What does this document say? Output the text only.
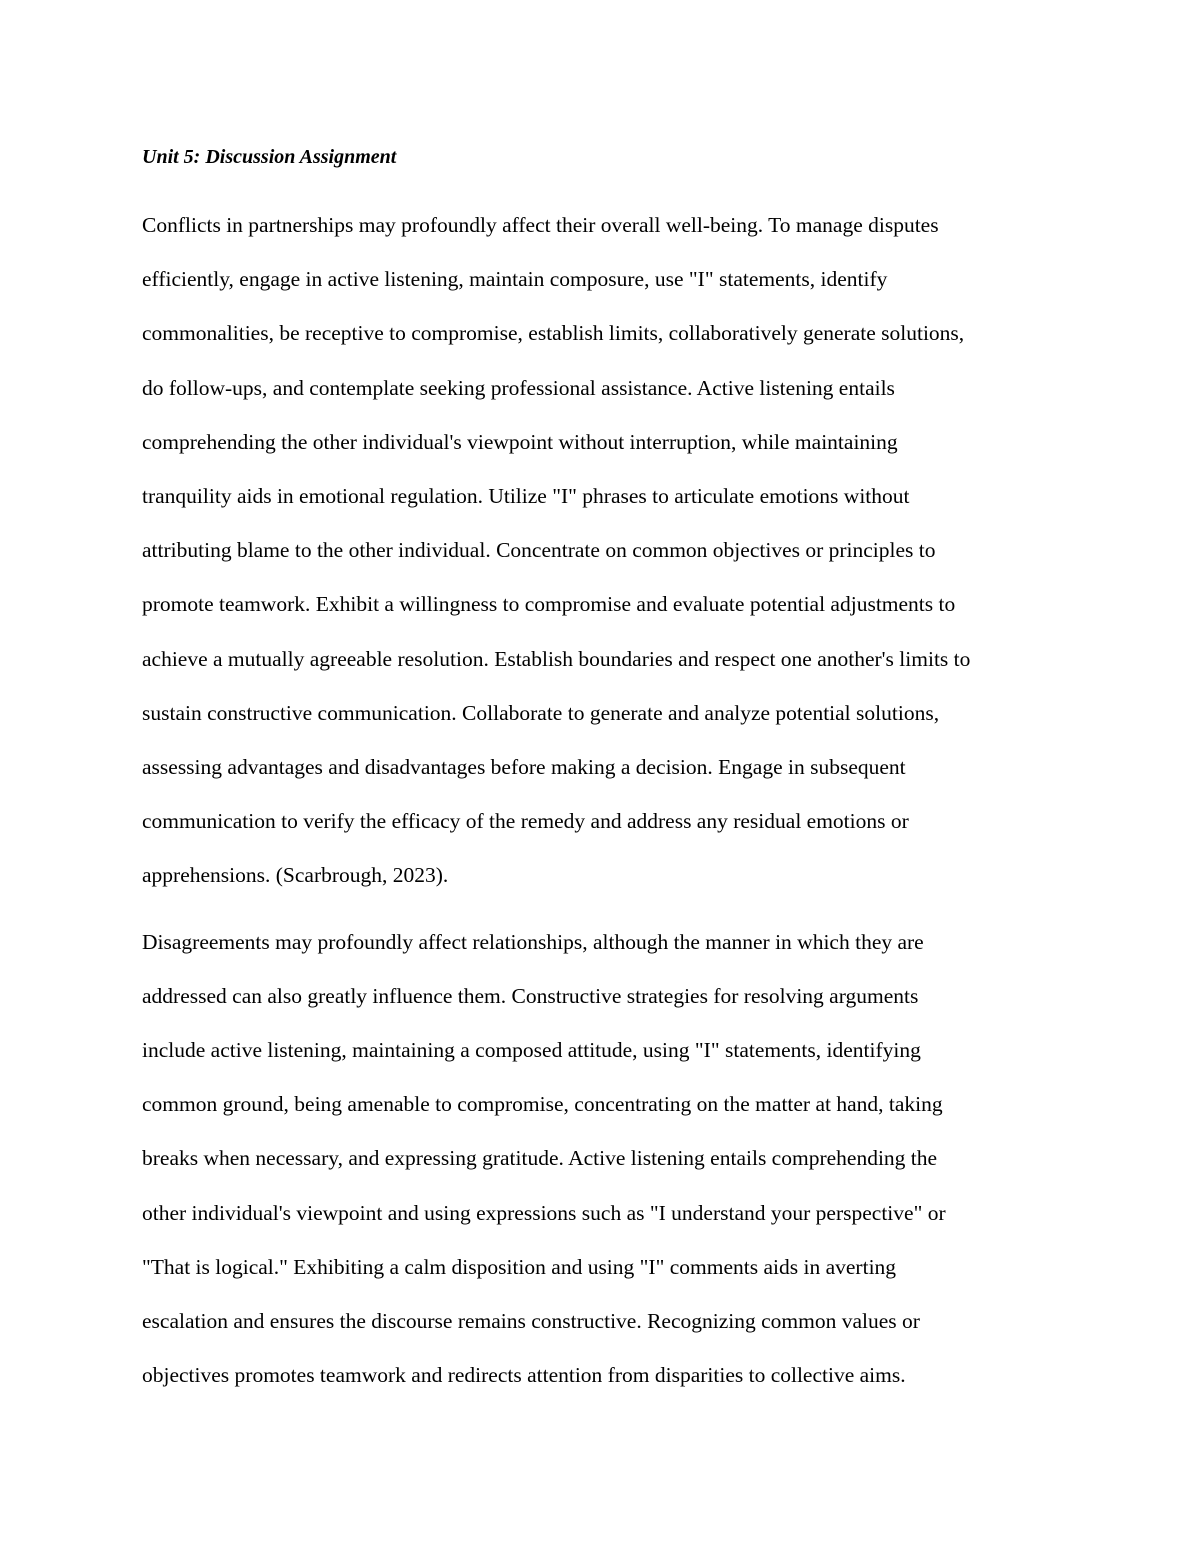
Unit 5: Discussion Assignment

Conflicts in partnerships may profoundly affect their overall well-being. To manage disputes
efficiently, engage in active listening, maintain composure, use "I" statements, identify
commonalities, be receptive to compromise, establish limits, collaboratively generate solutions,
do follow-ups, and contemplate seeking professional assistance. Active listening entails
comprehending the other individual's viewpoint without interruption, while maintaining
tranquility aids in emotional regulation. Utilize "I" phrases to articulate emotions without
attributing blame to the other individual. Concentrate on common objectives or principles to
promote teamwork. Exhibit a willingness to compromise and evaluate potential adjustments to
achieve a mutually agreeable resolution. Establish boundaries and respect one another's limits to
sustain constructive communication. Collaborate to generate and analyze potential solutions,
assessing advantages and disadvantages before making a decision. Engage in subsequent
communication to verify the efficacy of the remedy and address any residual emotions or
apprehensions. (Scarbrough, 2023).

Disagreements may profoundly affect relationships, although the manner in which they are
addressed can also greatly influence them. Constructive strategies for resolving arguments
include active listening, maintaining a composed attitude, using "I" statements, identifying
common ground, being amenable to compromise, concentrating on the matter at hand, taking
breaks when necessary, and expressing gratitude. Active listening entails comprehending the
other individual's viewpoint and using expressions such as "I understand your perspective" or
"That is logical." Exhibiting a calm disposition and using "I" comments aids in averting
escalation and ensures the discourse remains constructive. Recognizing common values or
objectives promotes teamwork and redirects attention from disparities to collective aims.
